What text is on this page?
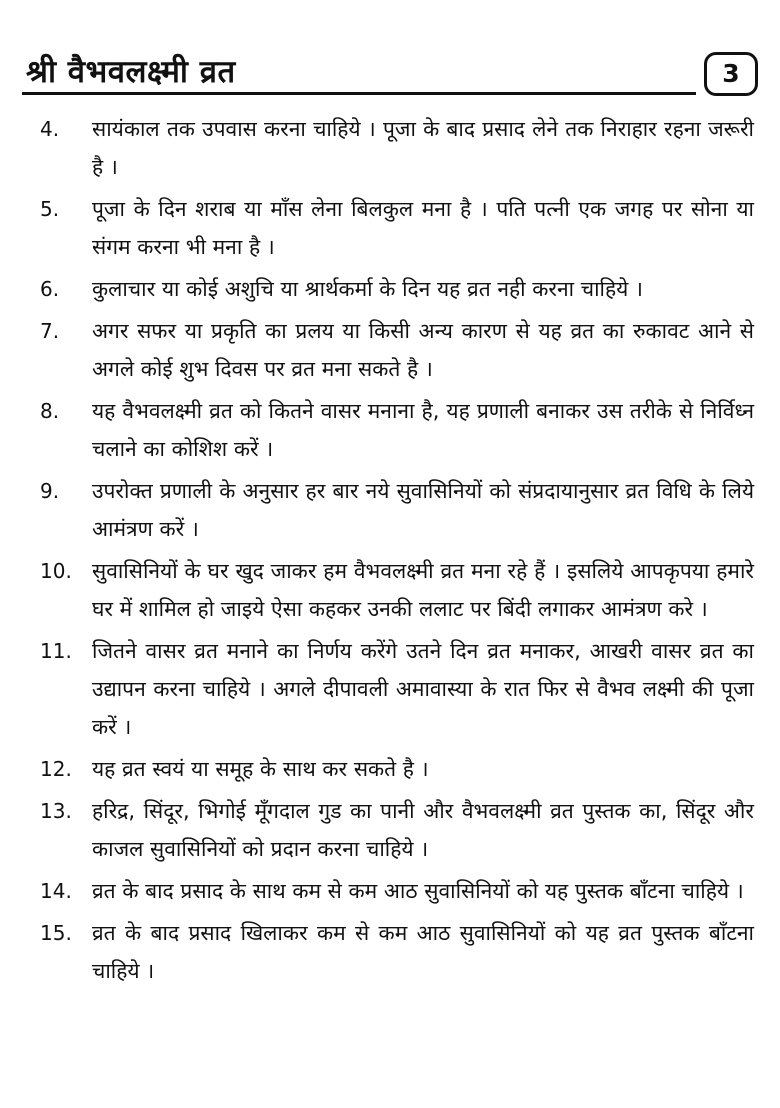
श्री वैभवलक्ष्मी व्रत	3
4.	सायंकाल तक उपवास करना चाहिये । पूजा के बाद प्रसाद लेने तक निराहार रहना जरूरी है ।
5.	पूजा के दिन शराब या माँस लेना बिलकुल मना है । पति पत्नी एक जगह पर सोना या संगम करना भी मना है ।
6.	कुलाचार या कोई अशुचि या श्रार्थकर्मा के दिन यह व्रत नही करना चाहिये ।
7.	अगर सफर या प्रकृति का प्रलय या किसी अन्य कारण से यह व्रत का रुकावट आने से अगले कोई शुभ दिवस पर व्रत मना सकते है ।
8.	यह वैभवलक्ष्मी व्रत को कितने वासर मनाना है, यह प्रणाली बनाकर उस तरीके से निर्विध्न चलाने का कोशिश करें ।
9.	उपरोक्त प्रणाली के अनुसार हर बार नये सुवासिनियों को संप्रदायानुसार व्रत विधि के लिये आमंत्रण करें ।
10. सुवासिनियों के घर खुद जाकर हम वैभवलक्ष्मी व्रत मना रहे हैं । इसलिये आपकृपया हमारे घर में शामिल हो जाइये ऐसा कहकर उनकी ललाट पर बिंदी लगाकर आमंत्रण करे ।
11. जितने वासर व्रत मनाने का निर्णय करेंगे उतने दिन व्रत मनाकर, आखरी वासर व्रत का उद्यापन करना चाहिये । अगले दीपावली अमावास्या के रात फिर से वैभव लक्ष्मी की पूजा करें ।
12. यह व्रत स्वयं या समूह के साथ कर सकते है ।
13. हरिद्र, सिंदूर, भिगोई मूँगदाल गुड का पानी और वैभवलक्ष्मी व्रत पुस्तक का, सिंदूर और काजल सुवासिनियों को प्रदान करना चाहिये ।
14. व्रत के बाद प्रसाद के साथ कम से कम आठ सुवासिनियों को यह पुस्तक बाँटना चाहिये ।
15. व्रत के बाद प्रसाद खिलाकर कम से कम आठ सुवासिनियों को यह व्रत पुस्तक बाँटना चाहिये ।
